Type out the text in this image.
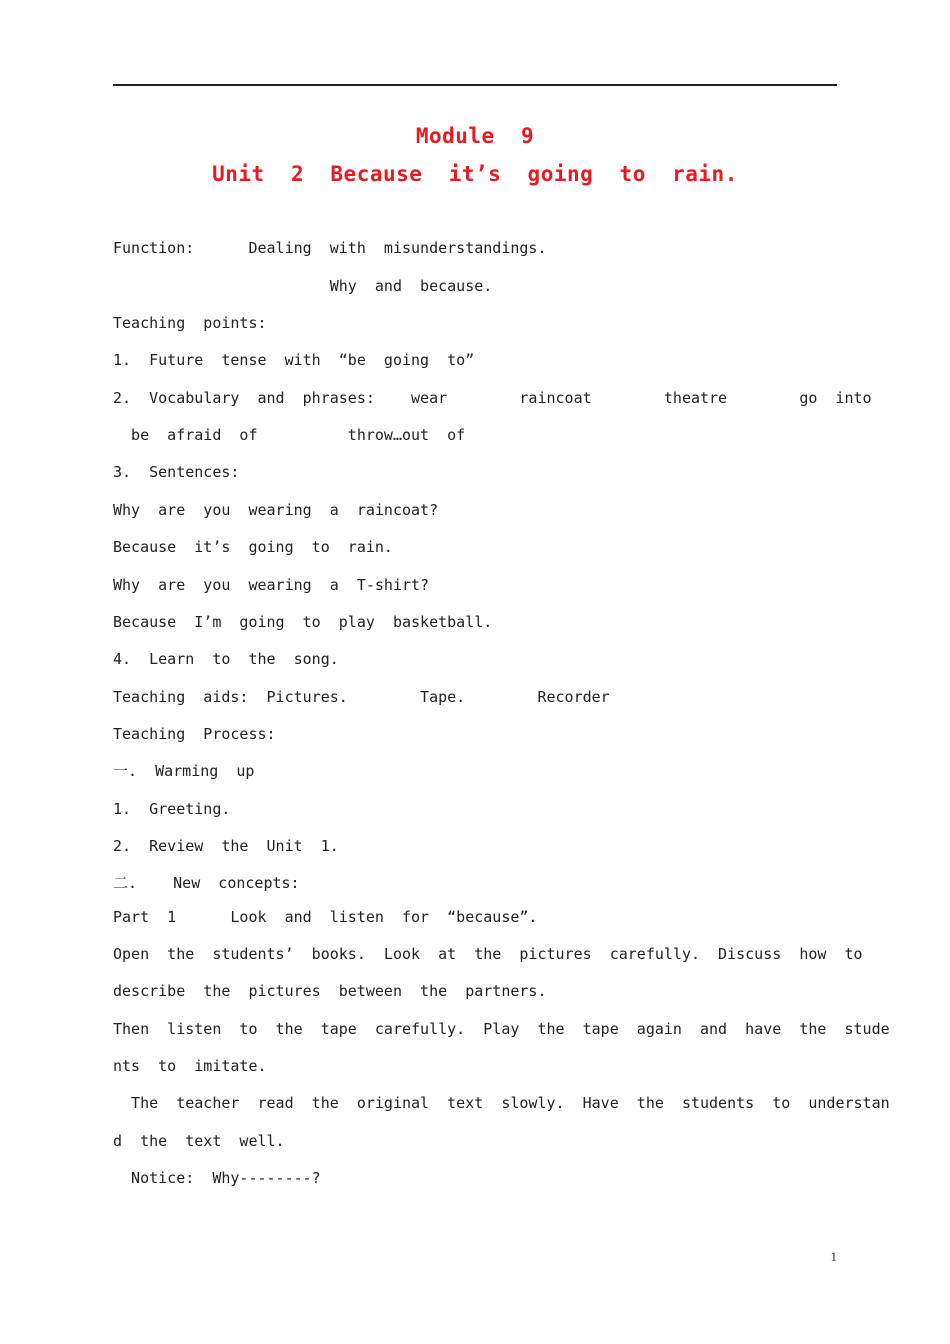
Module  9
Unit  2  Because  it’s  going  to  rain.
Function:      Dealing  with  misunderstandings.
Why  and  because.
Teaching  points:
1.  Future  tense  with  “be  going  to”
2.  Vocabulary  and  phrases:    wear        raincoat        theatre        go  into
be  afraid  of          throw…out  of
3.  Sentences:
Why  are  you  wearing  a  raincoat?
Because  it’s  going  to  rain.
Why  are  you  wearing  a  T-shirt?
Because  I’m  going  to  play  basketball.
4.  Learn  to  the  song.
Teaching  aids:  Pictures.        Tape.        Recorder
Teaching  Process:
一.  Warming  up
1.  Greeting.
2.  Review  the  Unit  1.
二.    New  concepts:
Part  1      Look  and  listen  for  “because”.
Open  the  students’  books.  Look  at  the  pictures  carefully.  Discuss  how  to
describe  the  pictures  between  the  partners.
Then  listen  to  the  tape  carefully.  Play  the  tape  again  and  have  the  stude
nts  to  imitate.
The  teacher  read  the  original  text  slowly.  Have  the  students  to  understan
d  the  text  well.
Notice:  Why--------?
1
